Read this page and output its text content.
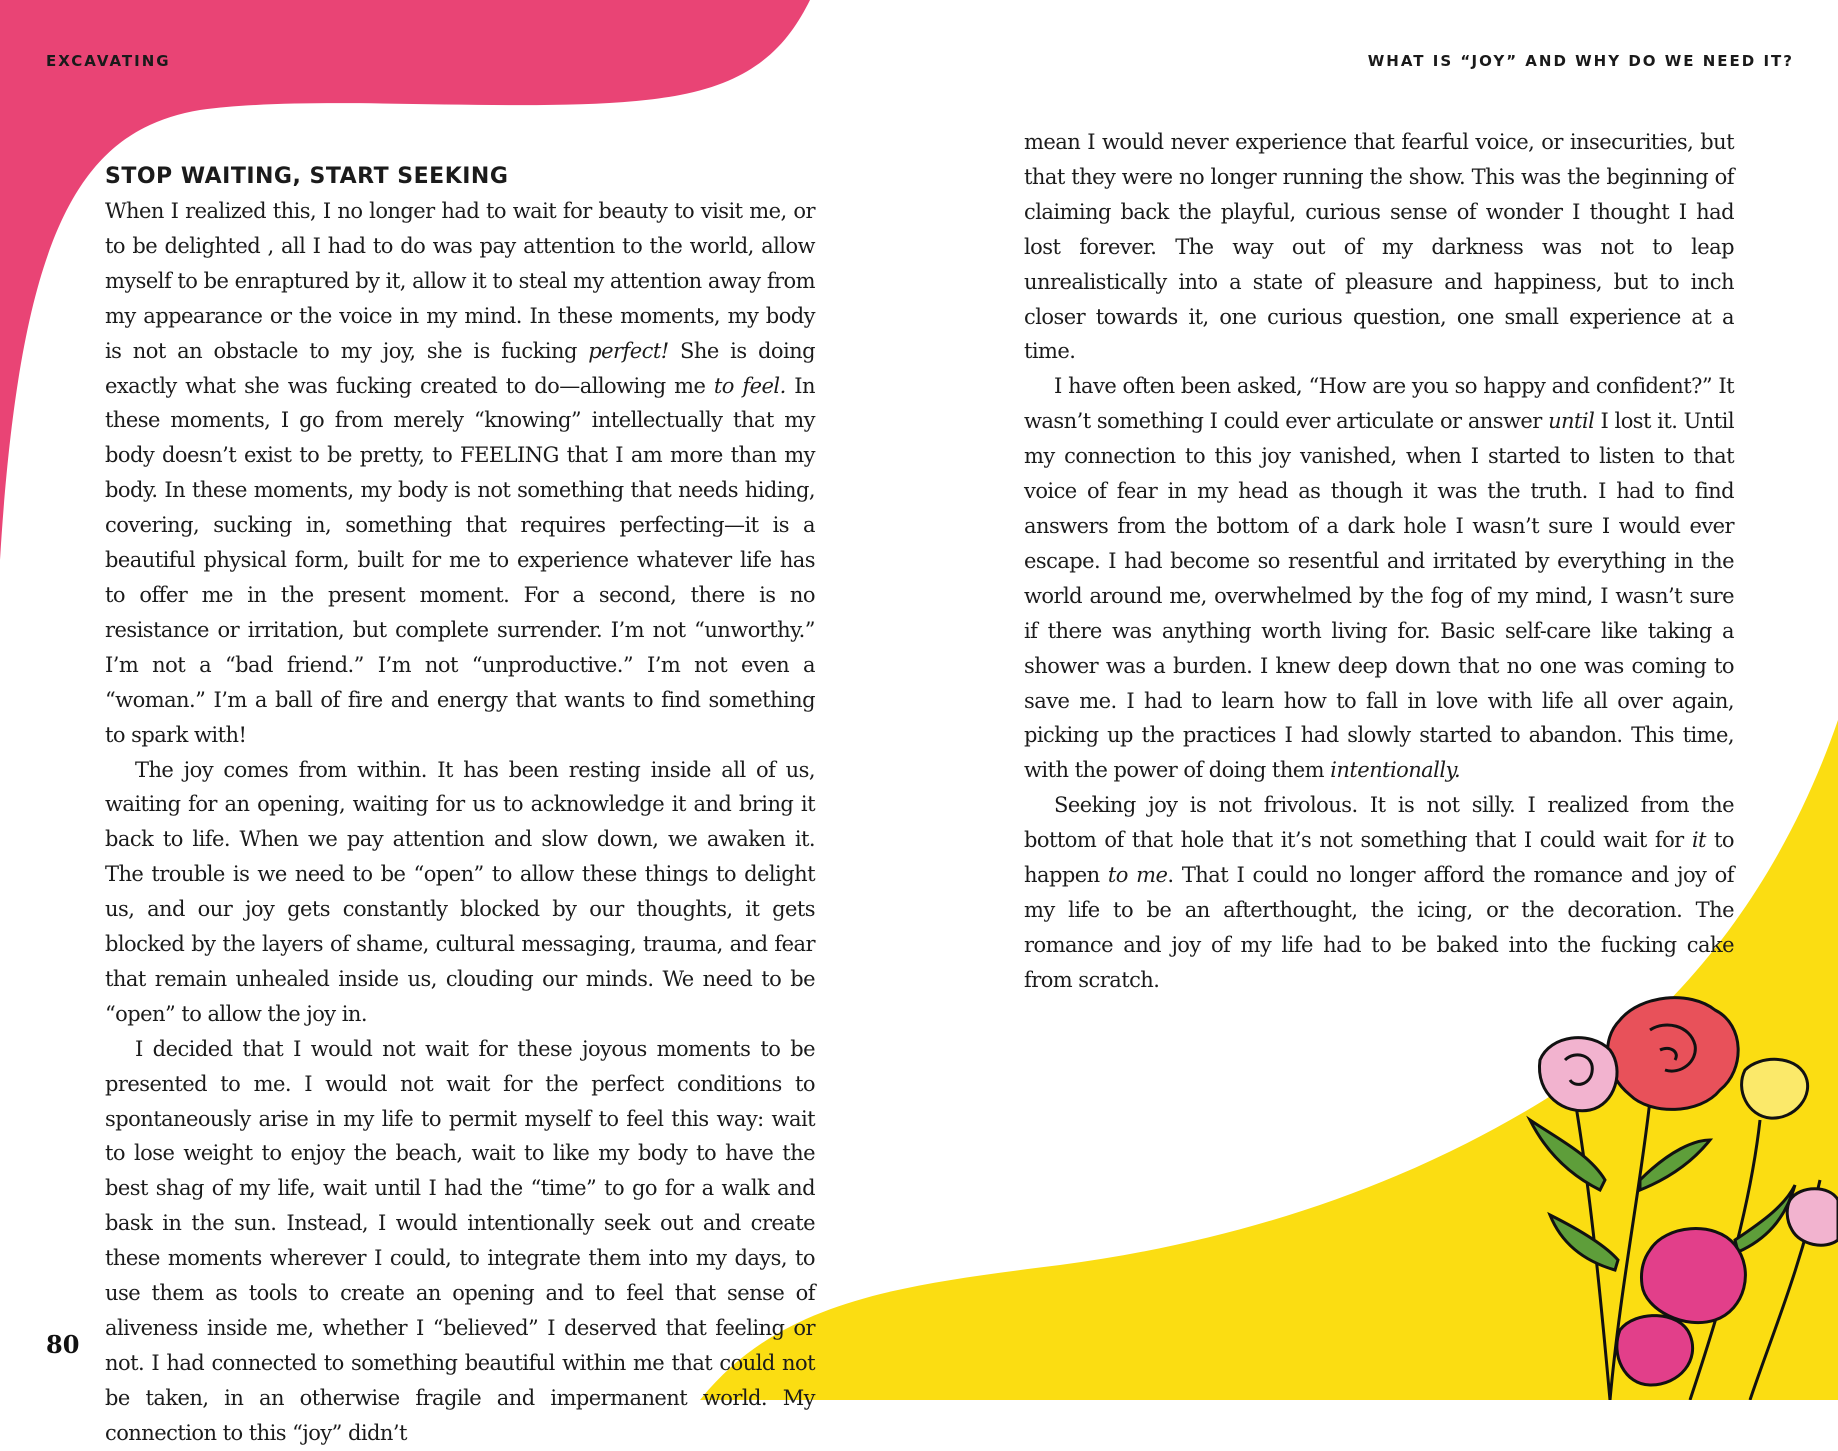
EXCAVATING	WHAT IS “JOY” AND WHY DO WE NEED IT?
STOP WAITING, START SEEKING

When I realized this, I no longer had to wait for beauty to visit me, or to be delighted , all I had to do was pay attention to the world, allow myself to be enraptured by it, allow it to steal my attention away from my appearance or the voice in my mind. In these moments, my body is not an obstacle to my joy, she is fucking perfect! She is doing exactly what she was fucking created to do—allowing me to feel. In these moments, I go from merely “knowing” intellectually that my body doesn’t exist to be pretty, to FEELING that I am more than my body. In these moments, my body is not something that needs hiding, covering, sucking in, something that requires perfecting—it is a beautiful physical form, built for me to experience whatever life has to offer me in the present moment. For a second, there is no resistance or irritation, but complete surrender. I’m not “unworthy.” I’m not a “bad friend.” I’m not “unproductive.” I’m not even a “woman.” I’m a ball of fire and energy that wants to find something to spark with!

The joy comes from within. It has been resting inside all of us, waiting for an opening, waiting for us to acknowledge it and bring it back to life. When we pay attention and slow down, we awaken it. The trouble is we need to be “open” to allow these things to delight us, and our joy gets constantly blocked by our thoughts, it gets blocked by the layers of shame, cultural messaging, trauma, and fear that remain unhealed inside us, clouding our minds. We need to be “open” to allow the joy in.

I decided that I would not wait for these joyous moments to be presented to me. I would not wait for the perfect conditions to spontaneously arise in my life to permit myself to feel this way: wait to lose weight to enjoy the beach, wait to like my body to have the best shag of my life, wait until I had the “time” to go for a walk and bask in the sun. Instead, I would intentionally seek out and create these moments wherever I could, to integrate them into my days, to use them as tools to create an opening and to feel that sense of aliveness inside me, whether I “believed” I deserved that feeling or not. I had connected to something beautiful within me that could not be taken, in an otherwise fragile and impermanent world. My connection to this “joy” didn’t

mean I would never experience that fearful voice, or insecurities, but that they were no longer running the show. This was the beginning of claiming back the playful, curious sense of wonder I thought I had lost forever. The way out of my darkness was not to leap unrealistically into a state of pleasure and happiness, but to inch closer towards it, one curious question, one small experience at a time.

I have often been asked, “How are you so happy and confident?” It wasn’t something I could ever articulate or answer until I lost it. Until my connection to this joy vanished, when I started to listen to that voice of fear in my head as though it was the truth. I had to find answers from the bottom of a dark hole I wasn’t sure I would ever escape. I had become so resentful and irritated by everything in the world around me, overwhelmed by the fog of my mind, I wasn’t sure if there was anything worth living for. Basic self-care like taking a shower was a burden. I knew deep down that no one was coming to save me. I had to learn how to fall in love with life all over again, picking up the practices I had slowly started to abandon. This time, with the power of doing them intentionally.

Seeking joy is not frivolous. It is not silly. I realized from the bottom of that hole that it’s not something that I could wait for it to happen to me. That I could no longer afford the romance and joy of my life to be an afterthought, the icing, or the decoration. The romance and joy of my life had to be baked into the fucking cake from scratch.

80
